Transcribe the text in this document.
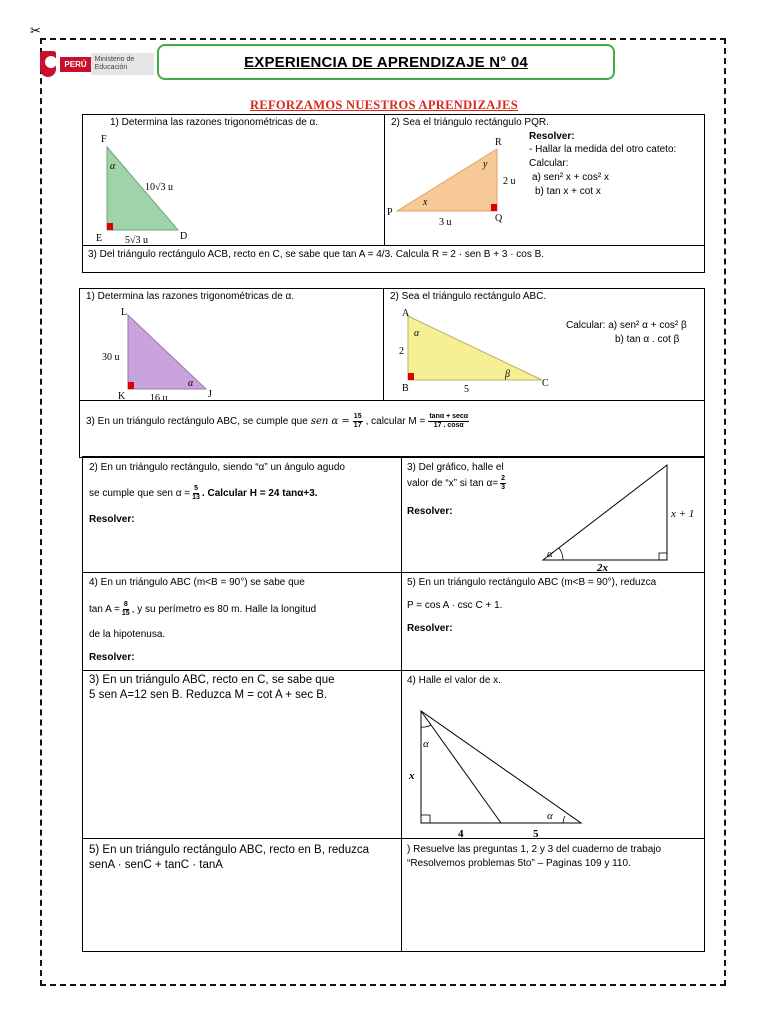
✂
PERÚ	Ministerio de Educación	EXPERIENCIA DE APRENDIZAJE N° 04
REFORZAMOS NUESTROS APRENDIZAJES
1) Determina las razones trigonométricas de α.
F
E	D
α
10√3 u
5√3 u
2) Sea el triángulo rectángulo PQR.
P
Q
R
x
y
2 u
3 u
Resolver:
- Hallar la medida del otro cateto:
Calcular:
a) sen² x + cos² x
b) tan x + cot x
3) Del triángulo rectángulo ACB, recto en C, se sabe que tan A = 4/3. Calcula R = 2 · sen B + 3 · cos B.
1) Determina las razones trigonométricas de α.
L
K	J
α
30 u
16 u
2) Sea el triángulo rectángulo ABC.
A
B	C
α
β
2
5
Calcular: a) sen² α + cos² β
b) tan α . cot β
3) En un triángulo rectángulo ABC, se cumple que sen $\alpha = \frac{15}{17}$ , calcular $M = \frac{\tan\alpha + \sec\alpha}{17 . \cos\alpha}$
2) En un triángulo rectángulo, siendo “α” un ángulo agudo
se cumple que sen $\alpha = \frac{5}{13}$ . Calcular H = 24 tanα+3.
Resolver:
3) Del gráfico, halle el
valor de “x” si $\tan \alpha= \frac{2}{3}$
Resolver:
α
x + 1
2x
4) En un triángulo ABC (m<B = 90°) se sabe que
$\tan A = \frac{8}{15}$ , y su perímetro es 80 m. Halle la longitud
de la hipotenusa.
Resolver:
5) En un triángulo rectángulo ABC (m<B = 90°), reduzca
P = cos A · csc C + 1.
Resolver:
3) En un triángulo ABC, recto en C, se sabe que
5 sen A=12 sen B. Reduzca M = cot A + sec B.
4) Halle el valor de x.
α
α
x
4	5
5) En un triángulo rectángulo ABC, recto en B, reduzca
senA · senC + tanC · tanA
) Resuelve las preguntas 1, 2 y 3 del cuaderno de trabajo
“Resolvemos problemas 5to” – Paginas 109 y 110.
